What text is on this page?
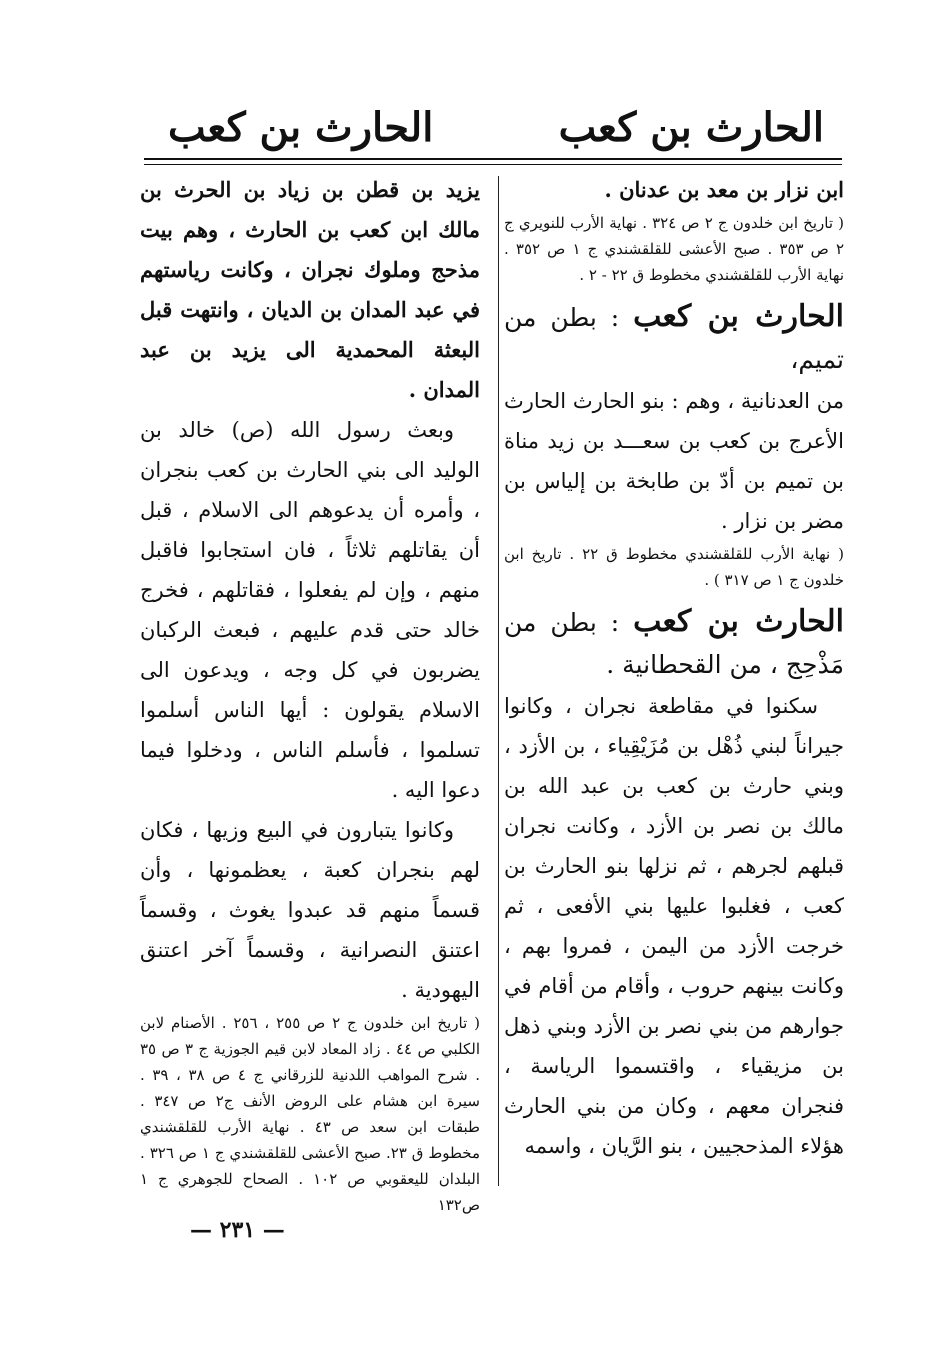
الحارث بن كعب
الحارث بن كعب

ابن نزار بن معد بن عدنان .

( تاريخ ابن خلدون ج ٢ ص ٣٢٤ . نهاية الأرب للنويري ج ٢ ص ٣٥٣ . صبح الأعشى للقلقشندي ج ١ ص ٣٥٢ . نهاية الأرب للقلقشندي مخطوط ق ٢٢ - ٢ .

الحارث بن كعب : بطن من تميم،

من العدنانية ، وهم : بنو الحارث الحارث الأعرج بن كعب بن سعـــد بن زيد مناة بن تميم بن أدّ بن طابخة بن إلياس بن مضر بن نزار .

( نهاية الأرب للقلقشندي مخطوط ق ٢٢ . تاريخ ابن خلدون ج ١ ص ٣١٧ ) .

الحارث بن كعب : بطن من مَذْحِج ، من القحطانية .

سكنوا في مقاطعة نجران ، وكانوا جيراناً لبني ذُهْل بن مُزَيْقِياء ، بن الأزد ، وبني حارث بن كعب بن عبد الله بن مالك بن نصر بن الأزد ، وكانت نجران قبلهم لجرهم ، ثم نزلها بنو الحارث بن كعب ، فغلبوا عليها بني الأفعى ، ثم خرجت الأزد من اليمن ، فمروا بهم ، وكانت بينهم حروب ، وأقام من أقام في جوارهم من بني نصر بن الأزد وبني ذهل بن مزيقياء ، واقتسموا الرياسة ، فنجران معهم ، وكان من بني الحارث هؤلاء المذحجيين ، بنو الرَّيان ، واسمه

يزيد بن قطن بن زياد بن الحرث بن مالك ابن كعب بن الحارث ، وهم بيت مذحج وملوك نجران ، وكانت رياستهم في عبد المدان بن الديان ، وانتهت قبل البعثة المحمدية الى يزيد بن عبد المدان .

وبعث رسول الله (ص) خالد بن الوليد الى بني الحارث بن كعب بنجران ، وأمره أن يدعوهم الى الاسلام ، قبل أن يقاتلهم ثلاثاً ، فان استجابوا فاقبل منهم ، وإن لم يفعلوا ، فقاتلهم ، فخرج خالد حتى قدم عليهم ، فبعث الركبان يضربون في كل وجه ، ويدعون الى الاسلام يقولون : أيها الناس أسلموا تسلموا ، فأسلم الناس ، ودخلوا فيما دعوا اليه .

وكانوا يتبارون في البيع وزيها ، فكان لهم بنجران كعبة ، يعظمونها ، وأن قسماً منهم قد عبدوا يغوث ، وقسماً اعتنق النصرانية ، وقسماً آخر اعتنق اليهودية .

( تاريخ ابن خلدون ج ٢ ص ٢٥٥ ، ٢٥٦ . الأصنام لابن الكلبي ص ٤٤ . زاد المعاد لابن قيم الجوزية ج ٣ ص ٣٥ . شرح المواهب اللدنية للزرقاني ج ٤ ص ٣٨ ، ٣٩ . سيرة ابن هشام على الروض الأنف ج٢ ص ٣٤٧ . طبقات ابن سعد ص ٤٣ . نهاية الأرب للقلقشندي مخطوط ق ٢٣. صبح الأعشى للقلقشندي ج ١ ص ٣٢٦ . البلدان لليعقوبي ص ١٠٢ . الصحاح للجوهري ج ١ ص١٣٢

— ٢٣١ —
